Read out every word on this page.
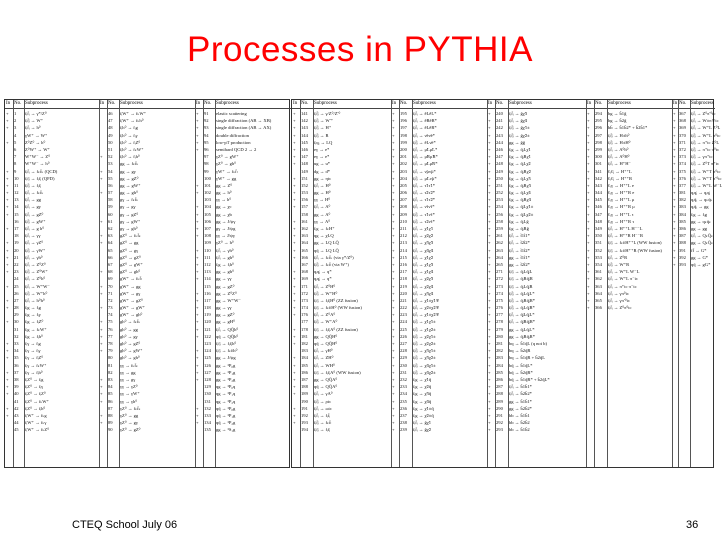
Processes in PYTHIA
In
+
+
+
+
+
+
+
+
+
+
+
+
+
+
+
+
+
+
+
+
+
+
+
+
+
+
+
+
+
+
No.
1
2
3
4
5
6
7
8
9
10
11
12
13
14
15
16
17
18
19
20
21
22
23
24
25
26
27
28
29
30
31
32
33
34
35
36
37
38
39
40
41
42
43
44
45
Subprocess
fᵢf̄ᵢ → γ*/Z⁰
fᵢf̄ⱼ → W⁺
fᵢf̄ᵢ → h⁰
γW⁺ → W⁺
Z⁰Z⁰ → h⁰
Z⁰W⁺ → W⁺
W⁺W⁻ → Z⁰
W⁺W⁻ → h⁰
fᵢf̄ᵢ → fₖf̄ₖ (QCD)
fᵢfⱼ → fᵢfⱼ (QFD)
fᵢf̄ⱼ → fᵢfⱼ
fᵢf̄ᵢ → fₖf̄ₖ
fᵢf̄ᵢ → gg
fᵢf̄ᵢ → gγ
fᵢf̄ᵢ → gZ⁰
fᵢf̄ⱼ → gW⁺
fᵢf̄ᵢ → g h⁰
fᵢf̄ᵢ → γγ
fᵢf̄ᵢ → γZ⁰
fᵢf̄ⱼ → γW⁺
fᵢf̄ᵢ → γh⁰
fᵢf̄ᵢ → Z⁰Z⁰
fᵢf̄ⱼ → Z⁰W⁺
fᵢf̄ᵢ → Z⁰h⁰
fᵢf̄ᵢ → W⁺W⁻
fᵢf̄ⱼ → W⁺h⁰
fᵢf̄ᵢ → h⁰h⁰
fᵢg → fᵢg
fᵢg → fᵢγ
fᵢg → fᵢZ⁰
fᵢg → fₖW⁺
fᵢg → fᵢh⁰
fᵢγ → fᵢg
fᵢγ → fᵢγ
fᵢγ → fᵢZ⁰
fᵢγ → fₖW⁺
fᵢγ → fᵢh⁰
fᵢZ⁰ → fᵢg
fᵢZ⁰ → fᵢγ
fᵢZ⁰ → fᵢZ⁰
fᵢZ⁰ → fₖW⁺
fᵢZ⁰ → fᵢh⁰
fᵢW⁺ → fₖg
fᵢW⁺ → fₖγ
fᵢW⁺ → fₖZ⁰
In
+
+
+
+
+
+
+
+
+
+
+
+
+
+
+
+
+
+
+
+
+
+
No.
46
47
48
49
50
51
52
53
54
55
56
57
58
59
60
61
62
63
64
65
66
67
68
69
70
71
72
73
74
75
76
77
78
79
80
81
82
83
84
85
86
87
88
89
90
Subprocess
fᵢW⁺ → fₖW⁺
fᵢW⁺ → fₖh⁰
fᵢh⁰ → fᵢg
fᵢh⁰ → fᵢγ
fᵢh⁰ → fᵢZ⁰
fᵢh⁰ → fₖW⁺
fᵢh⁰ → fᵢh⁰
gg → fₖf̄ₖ
gg → gγ
gg → gZ⁰
gg → gW⁺
gg → gh⁰
gγ → fₖf̄ₖ
gγ → gγ
gγ → gZ⁰
gγ → gW⁺
gγ → gh⁰
gZ⁰ → fₖf̄ₖ
gZ⁰ → gg
gZ⁰ → gγ
gZ⁰ → gZ⁰
gZ⁰ → gW⁺
gZ⁰ → gh⁰
gW⁺ → fₖf̄ₗ
gW⁺ → gg
gW⁺ → gγ
gW⁺ → gZ⁰
gW⁺ → gW⁺
gW⁺ → gh⁰
gh⁰ → fₖf̄ₖ
gh⁰ → gg
gh⁰ → gγ
gh⁰ → gZ⁰
gh⁰ → gW⁺
gh⁰ → gh⁰
γγ → fₖf̄ₖ
γγ → gg
γγ → gγ
γγ → γZ⁰
γγ → γW⁺
γγ → γh⁰
γZ⁰ → fₖf̄ₖ
γZ⁰ → gg
γZ⁰ → gγ
γZ⁰ → gZ⁰
In
+
+
+
+
+
+
+
+
+
+
+
+
+
+
+
+
+
+
+
+
+
+
+
+
+
+
+
+
+
+
+
+
+
No.
91
92
93
94
95
96
97
98
99
100
101
102
103
104
105
106
107
108
109
110
111
112
113
114
115
116
117
118
119
120
121
122
123
124
125
126
127
128
129
130
131
132
133
134
135
Subprocess
elastic scattering
single diffraction (AB → XB)
single diffraction (AB → AX)
double diffraction
low-pT production
semihard QCD 2 → 2
γZ⁰ → gW⁺
γZ⁰ → gh⁰
γW⁺ → fₖf̄ₗ
γW⁺ → gg
gg → Z⁰
gg → h⁰
γγ → h⁰
gg → χc
gg → χb
gg → J/ψγ
gγ → J/ψg
γγ → J/ψγ
γZ⁰ → h⁰
fᵢf̄ᵢ → γh⁰
fᵢf̄ᵢ → gh⁰
fᵢg → fᵢh⁰
gg → gh⁰
gg → γγ
gg → gZ⁰
gg → Z⁰Z⁰
gg → W⁺W⁻
gg → γγ
gg → gZ⁰
gg → gH⁰
fᵢf̄ᵢ → QQ̄h⁰
qq̄ → QQ̄h⁰
fᵢfⱼ → fᵢfⱼh⁰
fᵢfⱼ → fₖfₗh⁰
gg → J/ψg
gg → ³P₀g
gg → ³P₁g
gg → ³P₂g
qg → ³P₀q
qg → ³P₁q
qg → ³P₂q
qq̄ → ³P₀g
qq̄ → ³P₁g
qq̄ → ³P₂g
gg → ³S₁g
In
+
+
+
+
+
+
+
+
+
+
+
+
+
+
+
+
+
+
+
+
+
+
+
+
+
+
+
+
+
+
+
+
+
+
+
+
+
+
No.
141
142
143
144
145
146
147
148
149
151
152
153
156
157
158
161
162
163
164
165
166
167
168
169
171
172
173
174
176
177
178
181
182
183
184
185
186
187
188
189
190
191
192
193
194
Subprocess
fᵢf̄ⱼ → γ/Z⁰/Z′⁰
fᵢf̄ⱼ → W′⁺
fᵢf̄ⱼ → H⁺
fᵢf̄ⱼ → R
fᵢqᵢ → LQ
eγ → e*
eγ → e*
ug → u*
dg → d*
gg → ηtc
fᵢf̄ᵢ → H⁰
gg → H⁰
γγ → H⁰
fᵢf̄ᵢ → A⁰
gg → A⁰
γγ → A⁰
fᵢg → fₖH⁺
qg → χLQ
gg → LQ LQ̄
qq̄ → LQ LQ̄
fᵢf̄ᵢ → fₖf̄ₖ (via γ*/Z⁰)
fᵢf̄ⱼ → fₖf̄ₗ (via W⁺)
qᵢqⱼ → q*
qᵢqⱼ → q*
fᵢf̄ᵢ → Z⁰H⁰
fᵢf̄ⱼ → W⁺H⁰
fᵢfⱼ → fᵢfⱼH⁰ (ZZ fusion)
fᵢfⱼ → fₖfₗH⁰ (WW fusion)
fᵢf̄ᵢ → Z⁰A⁰
fᵢf̄ⱼ → W⁺A⁰
fᵢfⱼ → fᵢfⱼA⁰ (ZZ fusion)
gg → QQ̄H⁰
qq̄ → QQ̄H⁰
fᵢf̄ᵢ → γH⁰
fᵢf̄ᵢ → ZH⁰
fᵢf̄ᵢ → WH⁰
fᵢfⱼ → fᵢfⱼA⁰ (WW fusion)
gg → QQ̄A⁰
qq̄ → QQ̄A⁰
fᵢf̄ᵢ → γA⁰
fᵢf̄ⱼ → ρtc
fᵢf̄ᵢ → ωtc
fᵢf̄ᵢ → fᵢf̄ᵢ
fᵢf̄ⱼ → fₖf̄ₗ
fᵢfⱼ → fᵢfⱼ
In
+
+
+
+
+
+
+
+
+
+
+
+
+
+
+
+
+
+
+
+
+
+
+
+
+
+
+
+
+
+
+
+
+
+
+
+
+
+
+
+
+
+
+
+
+
No.
195
196
197
198
199
200
201
202
203
204
205
206
207
208
209
210
211
212
213
214
215
216
217
218
219
220
221
222
223
224
225
226
227
228
229
230
231
232
233
234
235
236
237
238
239
Subprocess
fᵢf̄ᵢ → ẽLẽL*
fᵢf̄ᵢ → ẽRẽR*
fᵢf̄ᵢ → ẽLẽR*
fᵢf̄ᵢ → ν̃eν̃e*
fᵢf̄ⱼ → ẽLν̃e*
fᵢf̄ᵢ → μ̃Lμ̃L*
fᵢf̄ᵢ → μ̃Rμ̃R*
fᵢf̄ᵢ → μ̃Lμ̃R*
fᵢf̄ᵢ → ν̃μν̃μ*
fᵢf̄ⱼ → μ̃Lν̃μ*
fᵢf̄ᵢ → τ̃1τ̃1*
fᵢf̄ᵢ → τ̃2τ̃2*
fᵢf̄ᵢ → τ̃1τ̃2*
fᵢf̄ᵢ → ν̃τν̃τ*
fᵢf̄ⱼ → τ̃1ν̃τ*
fᵢf̄ⱼ → τ̃2ν̃τ*
fᵢf̄ᵢ → χ̃1χ̃1
fᵢf̄ᵢ → χ̃2χ̃2
fᵢf̄ᵢ → χ̃3χ̃3
fᵢf̄ᵢ → χ̃4χ̃4
fᵢf̄ᵢ → χ̃1χ̃2
fᵢf̄ᵢ → χ̃1χ̃3
fᵢf̄ᵢ → χ̃1χ̃4
fᵢf̄ᵢ → χ̃2χ̃3
fᵢf̄ᵢ → χ̃2χ̃4
fᵢf̄ᵢ → χ̃3χ̃4
fᵢf̄ᵢ → χ̃1±χ̃1∓
fᵢf̄ᵢ → χ̃2±χ̃2∓
fᵢf̄ᵢ → χ̃1±χ̃2∓
fᵢf̄ⱼ → χ̃1χ̃1±
fᵢf̄ⱼ → χ̃1χ̃2±
fᵢf̄ⱼ → χ̃2χ̃1±
fᵢf̄ⱼ → χ̃2χ̃2±
fᵢf̄ⱼ → χ̃3χ̃1±
fᵢf̄ⱼ → χ̃3χ̃2±
fᵢf̄ⱼ → χ̃4χ̃1±
fᵢf̄ⱼ → χ̃4χ̃2±
fᵢg → χ̃1q̃
fᵢg → χ̃2q̃
fᵢg → χ̃3q̃
fᵢg → χ̃4q̃
fᵢg → χ̃1±q̃
fᵢg → χ̃2±q̃
fᵢf̄ᵢ → g̃χ̃1
fᵢf̄ᵢ → g̃χ̃2
In
+
+
+
+
+
+
+
+
+
+
+
+
+
+
+
+
+
+
+
+
+
+
+
+
+
+
+
+
+
+
+
+
+
+
+
+
+
+
+
+
+
+
+
+
+
No.
240
241
242
243
244
246
247
248
249
250
251
252
253
254
256
258
259
261
262
263
264
265
271
272
273
274
275
276
277
278
279
280
281
282
283
284
285
286
287
288
289
290
291
292
293
Subprocess
fᵢf̄ᵢ → g̃χ̃3
fᵢf̄ᵢ → g̃χ̃4
fᵢf̄ⱼ → g̃χ̃1±
fᵢf̄ⱼ → g̃χ̃2±
gg → g̃g̃
fᵢg → q̃ᵢLχ̃1
fᵢg → q̃ᵢRχ̃1
fᵢg → q̃ᵢLχ̃2
fᵢg → q̃ᵢRχ̃2
fᵢg → q̃ᵢLχ̃3
fᵢg → q̃ᵢRχ̃3
fᵢg → q̃ᵢLχ̃4
fᵢg → q̃ᵢRχ̃4
fᵢg → q̃ⱼLχ̃1±
fᵢg → q̃ⱼLχ̃2±
fᵢg → q̃ᵢLg̃
fᵢg → q̃ᵢRg̃
fᵢf̄ᵢ → t̃1t̃1*
fᵢf̄ᵢ → t̃2t̃2*
fᵢf̄ᵢ → t̃1t̃2*
gg → t̃1t̃1*
gg → t̃2t̃2*
fᵢfⱼ → q̃ᵢLq̃ⱼL
fᵢfⱼ → q̃ᵢRq̃ⱼR
fᵢfⱼ → q̃ᵢLq̃ⱼR
fᵢf̄ⱼ → q̃ᵢLq̃ⱼL*
fᵢf̄ⱼ → q̃ᵢRq̃ⱼR*
fᵢf̄ⱼ → q̃ᵢLq̃ⱼR*
fᵢf̄ᵢ → q̃ⱼLq̃ⱼL*
fᵢf̄ᵢ → q̃ⱼRq̃ⱼR*
gg → q̃ᵢLq̃ᵢL*
gg → q̃ᵢRq̃ᵢR*
bq → b̃1q̃L (q not b)
bq → b̃2q̃R
bq → b̃1q̃R + b̃2q̃L
bq̄ → b̃1q̃L*
bq̄ → b̃2q̃R*
bq̄ → b̃1q̃R* + b̃2q̃L*
fᵢf̄ᵢ → b̃1b̃1*
fᵢf̄ᵢ → b̃2b̃2*
gg → b̃1b̃1*
gg → b̃2b̃2*
bb → b̃1b̃1
bb → b̃2b̃2
bb → b̃1b̃2
In
+
+
+
+
+
+
+
+
+
+
+
+
+
+
+
+
+
+
+
+
+
+
+
+
+
+
+
+
No.
294
295
296
297
298
299
300
301
341
342
343
344
345
346
347
348
349
350
351
352
353
354
361
362
363
364
365
366
Subprocess
bg → b̃1g̃
bg → b̃2g̃
bb̄ → b̃1b̃2* + b̃2b̃1*
fᵢf̄ⱼ → H±h⁰
fᵢf̄ⱼ → H±H⁰
fᵢf̄ᵢ → A⁰h⁰
fᵢf̄ᵢ → A⁰H⁰
fᵢf̄ᵢ → H⁺H⁻
ℓᵢℓⱼ → H⁺⁺L
ℓᵢℓⱼ → H⁺⁺R
ℓᵢγ → H⁺⁺L e
ℓᵢγ → H⁺⁺R e
ℓᵢγ → H⁺⁺L μ
ℓᵢγ → H⁺⁺R μ
ℓᵢγ → H⁺⁺L τ
ℓᵢγ → H⁺⁺R τ
fᵢf̄ᵢ → H⁺⁺L H⁻⁻L
fᵢf̄ᵢ → H⁺⁺R H⁻⁻R
fᵢfⱼ → fₖfₗH⁺⁺L (WW fusion)
fᵢfⱼ → fₖfₗH⁺⁺R (WW fusion)
fᵢf̄ᵢ → Z⁰R
fᵢf̄ⱼ → W⁺R
fᵢf̄ᵢ → W⁺L W⁻L
fᵢf̄ᵢ → W⁺L π⁻tc
fᵢf̄ᵢ → π⁺tc π⁻tc
fᵢf̄ᵢ → γπ⁰tc
fᵢf̄ᵢ → γπ′⁰tc
fᵢf̄ᵢ → Z⁰π⁰tc
In
+
+
+
+
+
+
+
+
+
+
+
+
+
+
+
+
+
+
+
+
+
+
No.
367
368
369
370
371
372
373
374
375
376
377
381
382
383
384
385
386
387
388
391
392
393
Subprocess
fᵢf̄ᵢ → Z⁰π′⁰tc
fᵢf̄ᵢ → W±π∓tc
fᵢf̄ᵢ → W⁺L Z⁰L
fᵢf̄ⱼ → W⁺L π⁰tc
fᵢf̄ⱼ → π⁺tc Z⁰L
fᵢf̄ⱼ → π⁺tc π⁰tc
fᵢf̄ⱼ → γπ⁺tc
fᵢf̄ⱼ → Z⁰T π⁺tc
fᵢf̄ⱼ → W⁺T π⁰tc
fᵢf̄ⱼ → W⁺T π′⁰tc
fᵢf̄ⱼ → W⁺L W⁻L
qᵢqⱼ → qᵢqⱼ
qᵢq̄ᵢ → qₖq̄ₖ
qᵢq̄ᵢ → gg
fᵢg → fᵢg
gg → qₖq̄ₖ
gg → gg
fᵢf̄ᵢ → QₖQ̄ₖ
gg → QₖQ̄ₖ
ff̄ → G*
gg → G*
qq̄ → gG*
CTEQ School July 06	36
